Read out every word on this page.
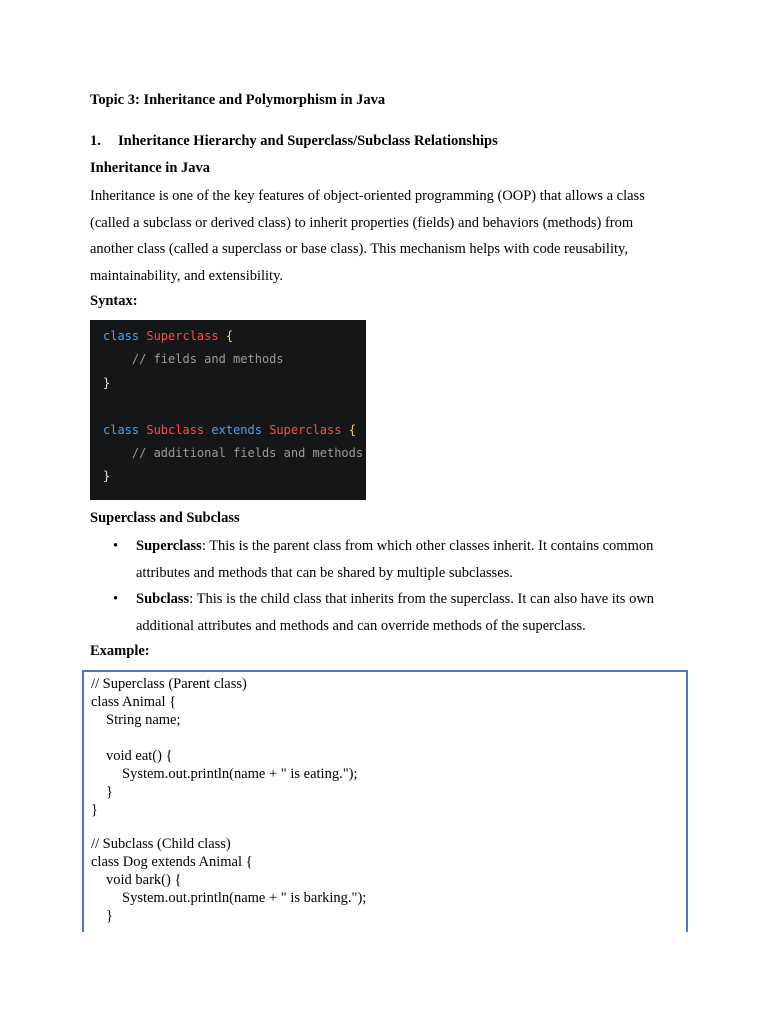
Topic 3: Inheritance and Polymorphism in Java
1. Inheritance Hierarchy and Superclass/Subclass Relationships
Inheritance in Java
Inheritance is one of the key features of object-oriented programming (OOP) that allows a class
(called a subclass or derived class) to inherit properties (fields) and behaviors (methods) from
another class (called a superclass or base class). This mechanism helps with code reusability,
maintainability, and extensibility.
Syntax:
class Superclass {
// fields and methods
}
class Subclass extends Superclass {
// additional fields and methods
}
Superclass and Subclass
• Superclass: This is the parent class from which other classes inherit. It contains common
attributes and methods that can be shared by multiple subclasses.
• Subclass: This is the child class that inherits from the superclass. It can also have its own
additional attributes and methods and can override methods of the superclass.
Example:
// Superclass (Parent class)
class Animal {
String name;
void eat() {
System.out.println(name + " is eating.");
}
}
// Subclass (Child class)
class Dog extends Animal {
void bark() {
System.out.println(name + " is barking.");
}
